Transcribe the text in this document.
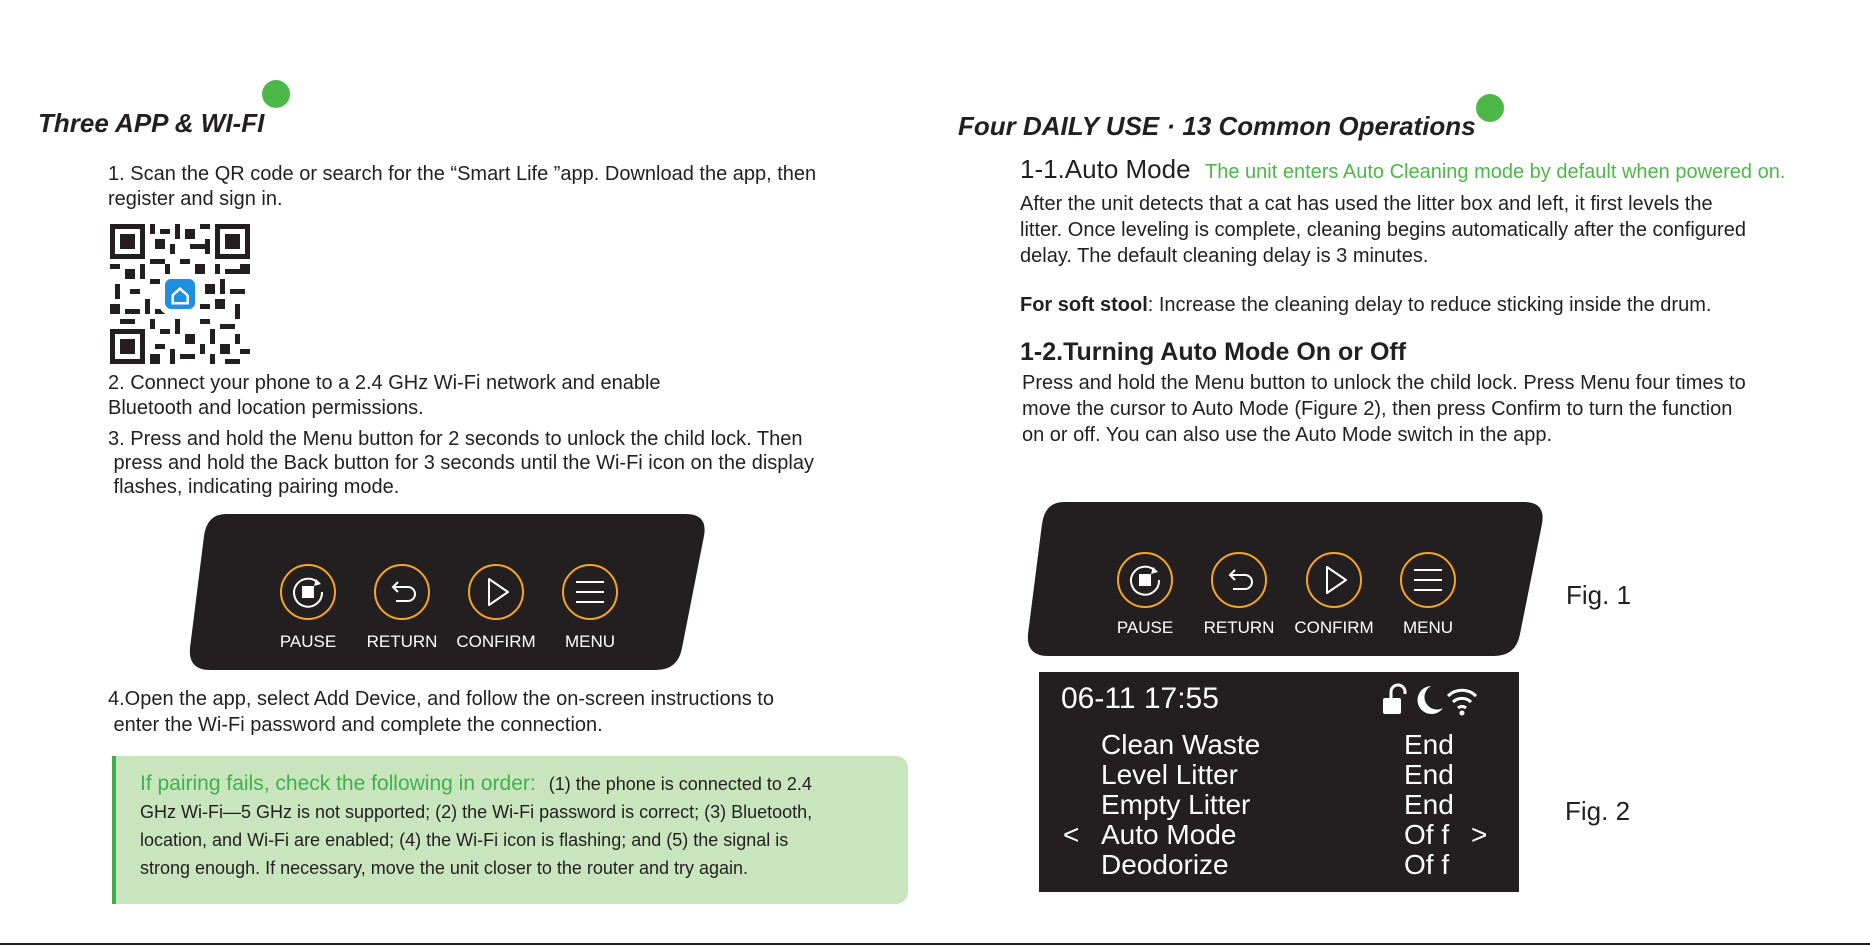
Three APP & WI-FI

1. Scan the QR code or search for the “Smart Life ”app. Download the app, then

register and sign in.

2. Connect your phone to a 2.4 GHz Wi-Fi network and enable

Bluetooth and location permissions.

3. Press and hold the Menu button for 2 seconds to unlock the child lock. Then

press and hold the Back button for 3 seconds until the Wi-Fi icon on the display

flashes, indicating pairing mode.

PAUSE	RETURN	CONFIRM	MENU

4.Open the app, select Add Device, and follow the on-screen instructions to

enter the Wi-Fi password and complete the connection.

If pairing fails, check the following in order: (1) the phone is connected to 2.4
GHz Wi-Fi—5 GHz is not supported; (2) the Wi-Fi password is correct; (3) Bluetooth,
location, and Wi-Fi are enabled; (4) the Wi-Fi icon is flashing; and (5) the signal is
strong enough. If necessary, move the unit closer to the router and try again.
Four DAILY USE · 13 Common Operations
1-1.Auto Mode The unit enters Auto Cleaning mode by default when powered on.

After the unit detects that a cat has used the litter box and left, it first levels the

litter. Once leveling is complete, cleaning begins automatically after the configured

delay. The default cleaning delay is 3 minutes.

For soft stool: Increase the cleaning delay to reduce sticking inside the drum.
1-2.Turning Auto Mode On or Off

Press and hold the Menu button to unlock the child lock. Press Menu four times to

move the cursor to Auto Mode (Figure 2), then press Confirm to turn the function

on or off. You can also use the Auto Mode switch in the app.

PAUSE	RETURN	CONFIRM	MENU
Fig. 1
06-11 17:55
Clean Waste	End
Level Litter	End
Empty Litter	End
< Auto Mode	Of f >
Deodorize	Of f
Fig. 2
